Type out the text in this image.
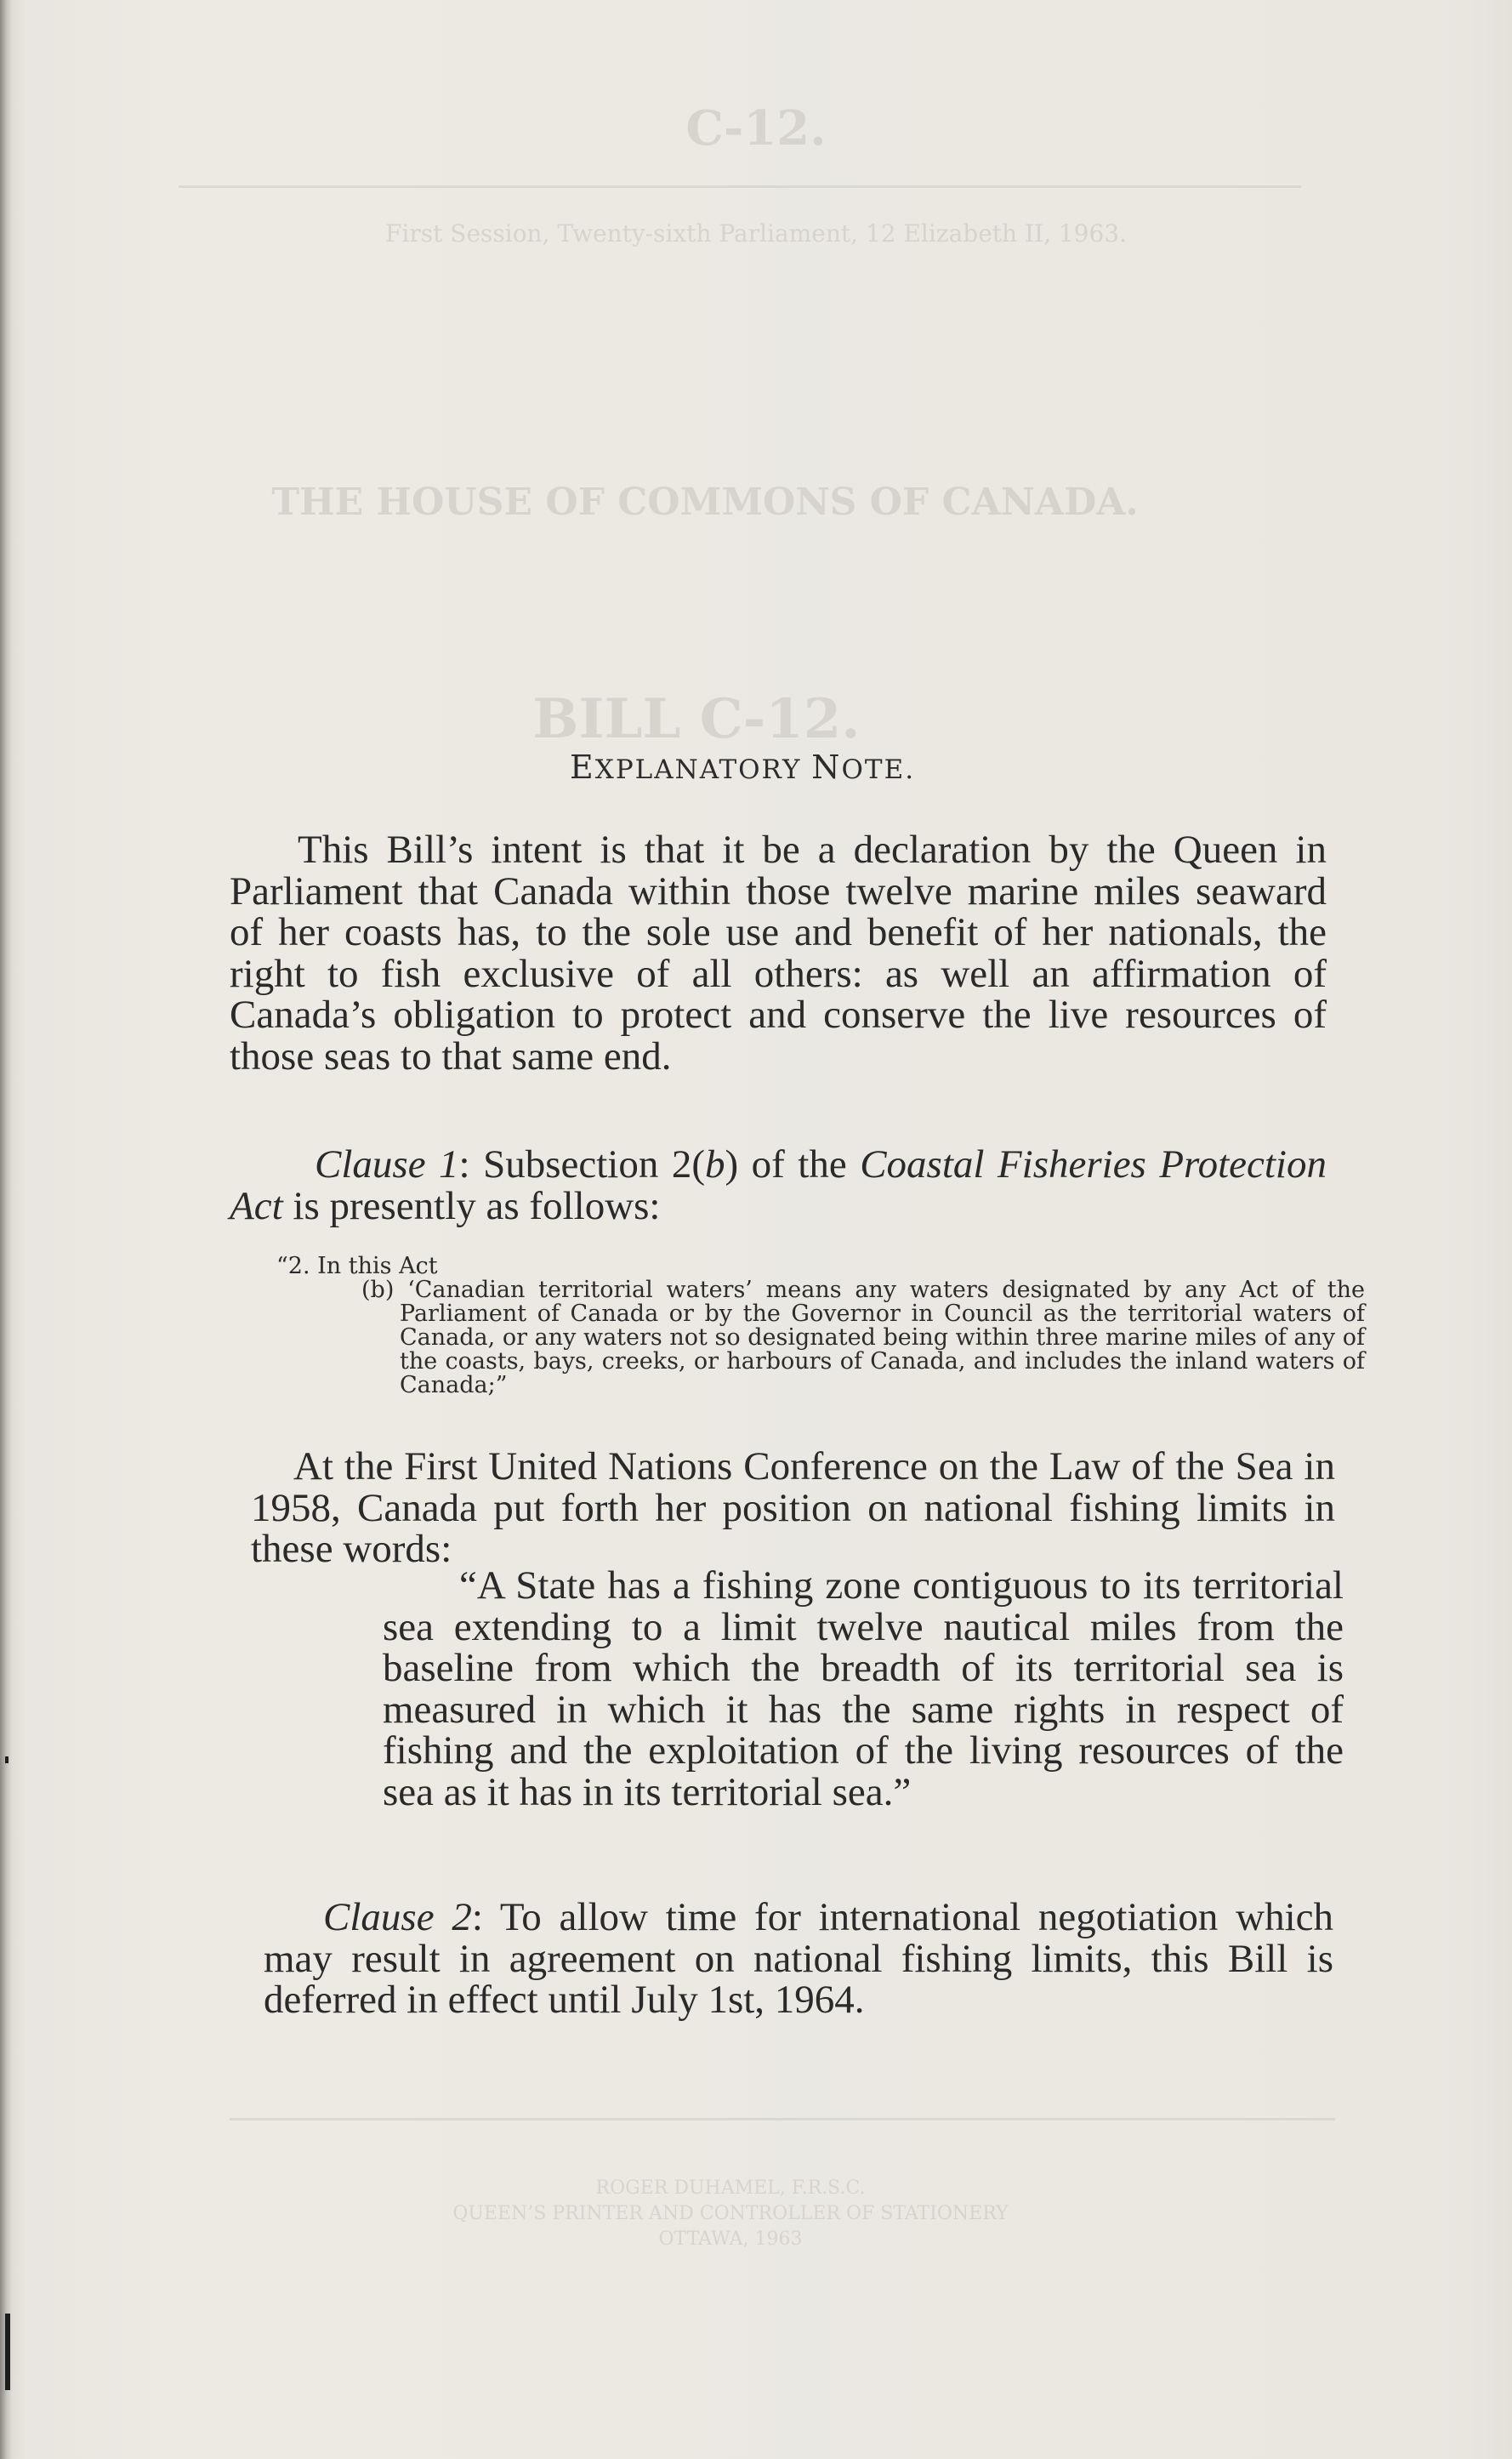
C-12.
First Session, Twenty-sixth Parliament, 12 Elizabeth II, 1963.
THE HOUSE OF COMMONS OF CANADA.
BILL C-12.
ROGER DUHAMEL, F.R.S.C.
QUEEN’S PRINTER AND CONTROLLER OF STATIONERY
OTTAWA, 1963
EXPLANATORY NOTE.

This Bill’s intent is that it be a declaration by the Queen in Parliament that Canada within those twelve marine miles seaward of her coasts has, to the sole use and benefit of her nationals, the right to fish exclusive of all others: as well an affirmation of Canada’s obligation to protect and conserve the live resources of those seas to that same end.

Clause 1: Subsection 2(b) of the Coastal Fisheries Protection Act is presently as follows:

“2. In this Act
(b) ‘Canadian territorial waters’ means any waters designated by any Act of the Parliament of Canada or by the Governor in Council as the territorial waters of Canada, or any waters not so designated being within three marine miles of any of the coasts, bays, creeks, or harbours of Canada, and includes the inland waters of Canada;”

At the First United Nations Conference on the Law of the Sea in 1958, Canada put forth her position on national fishing limits in these words:

“A State has a fishing zone contiguous to its territorial sea extending to a limit twelve nautical miles from the baseline from which the breadth of its territorial sea is measured in which it has the same rights in respect of fishing and the exploitation of the living resources of the sea as it has in its territorial sea.”

Clause 2: To allow time for international negotiation which may result in agreement on national fishing limits, this Bill is deferred in effect until July 1st, 1964.
